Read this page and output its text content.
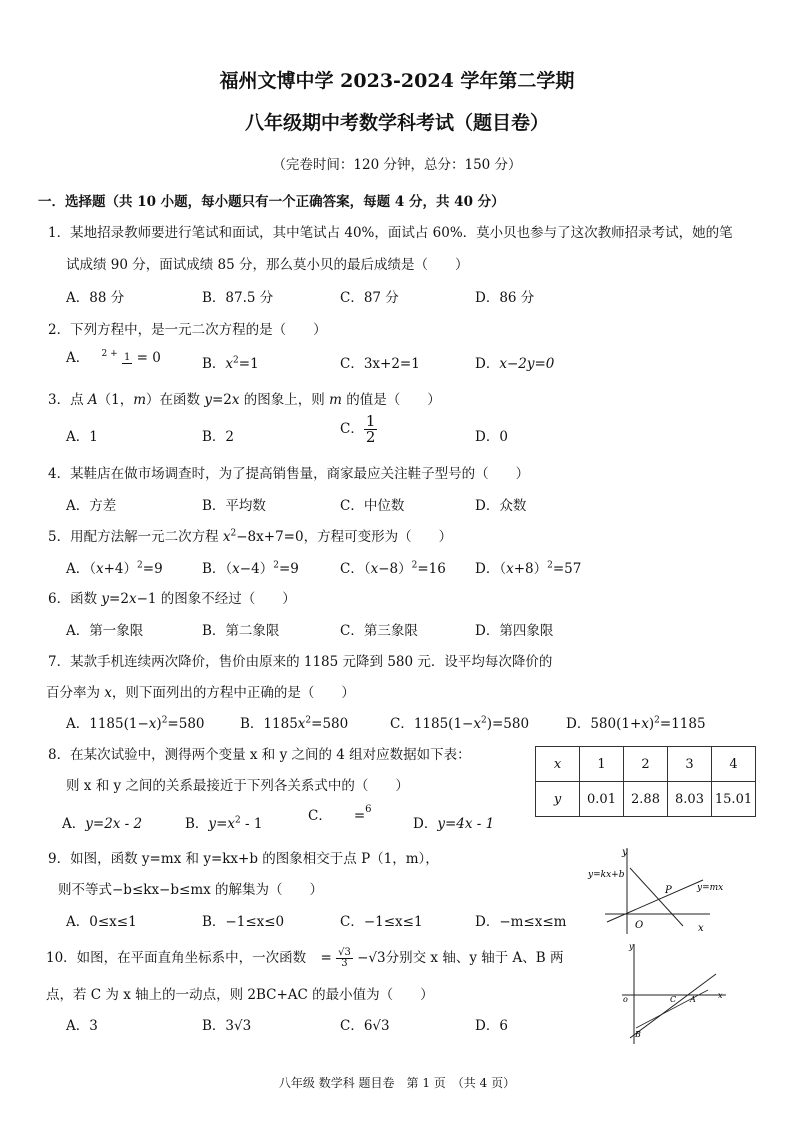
福州文博中学 2023-2024 学年第二学期
八年级期中考数学科考试（题目卷）
（完卷时间：120 分钟，总分：150 分）
一．选择题（共 10 小题，每小题只有一个正确答案，每题 4 分，共 40 分）
1．某地招录教师要进行笔试和面试，其中笔试占 40%，面试占 60%．莫小贝也参与了这次教师招录考试，她的笔
试成绩 90 分，面试成绩 85 分，那么莫小贝的最后成绩是（　　）
A．88 分	B．87.5 分	C．87 分	D．86 分
2．下列方程中，是一元二次方程的是（　　）
A． $^{2 +}$ 1 = 0	B．$x^2=1$	C．3x+2=1	D．x−2y=0
3．点 A（1，m）在函数 y=2x 的图象上，则 m 的值是（　　）
A．1	B．2	C． $\frac{1}{2}$	D．0
4．某鞋店在做市场调查时，为了提高销售量，商家最应关注鞋子型号的（　　）
A．方差	B．平均数	C．中位数	D．众数
5．用配方法解一元二次方程 $x^2-8x+7=0$，方程可变形为（　　）
A．$(x+4)^2=9$	B．$(x-4)^2=9$	C．$(x-8)^2=16$ D．$(x+8)^2=57$
6．函数 y=2x−1 的图象不经过（　　）
A．第一象限	B．第二象限	C．第三象限	D．第四象限
7．某款手机连续两次降价，售价由原来的 1185 元降到 580 元．设平均每次降价的
百分率为 x，则下面列出的方程中正确的是（　　）
A．$1185(1-x)^2=580$	B．$1185x^2=580$	C．$1185(1-x^2)=580$	D．$580(1+x)^2=1185$
8．在某次试验中，测得两个变量 x 和 y 之间的 4 组对应数据如下表：
则 x 和 y 之间的关系最接近于下列各关系式中的（　　）
A．y=2x - 2	B．$y=x^2 - 1$	C． =$^6$
D．y=4x - 1
x	1	2	3	4
y	0.01	2.88	8.03	15.01
9．如图，函数 y=mx 和 y=kx+b 的图象相交于点 P（1，m），
则不等式−b≤kx−b≤mx 的解集为（　　）
A．0≤x≤1	B．−1≤x≤0	C．−1≤x≤1	D．−m≤x≤m
y
y=kx+b
y=mx
P
O	x
10．如图，在平面直角坐标系中，一次函数 = $\frac{√3}{3} -√3$分别交 x 轴、y 轴于 A、B 两
点，若 C 为 x 轴上的一动点，则 2BC+AC 的最小值为（　　）
A．3	B．3√3	C．6√3	D．6
y
o	C A	x
B
八年级 数学科 题目卷　第 1 页　（共 4 页）
